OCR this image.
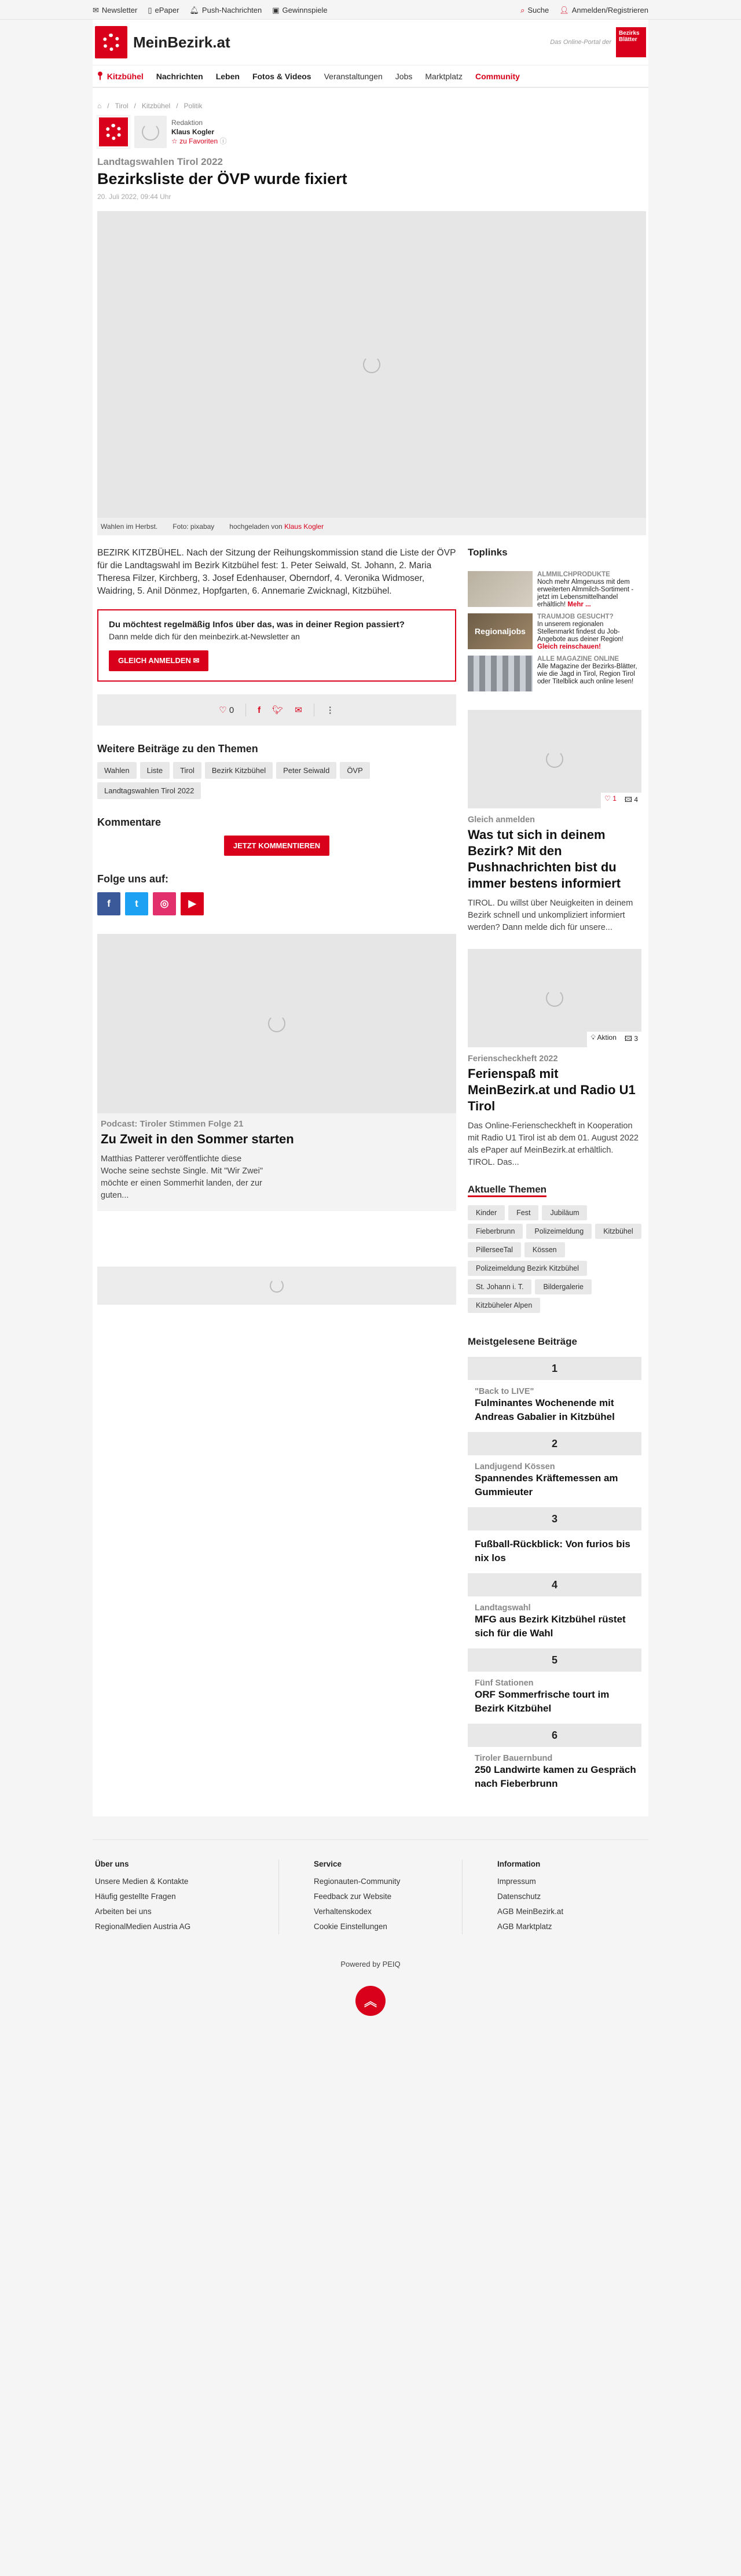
✉ Newsletter ▯ ePaper 🔔︎ Push-Nachrichten ▣ Gewinnspiele	⌕ Suche 👤︎ Anmelden/Registrieren
MeinBezirk.at	Das Online-Portal der
Bezirks Blätter
📍︎ Kitzbühel Nachrichten Leben Fotos & Videos Veranstaltungen Jobs Marktplatz Community
⌂ / Tirol / Kitzbühel / Politik
Redaktion
Klaus Kogler
☆ zu Favoriten ⓘ
Landtagswahlen Tirol 2022
Bezirksliste der ÖVP wurde fixiert
20. Juli 2022, 09:44 Uhr
Wahlen im Herbst. Foto: pixabay hochgeladen von Klaus Kogler

BEZIRK KITZBÜHEL. Nach der Sitzung der Reihungskommission stand die Liste der ÖVP für die Landtagswahl im Bezirk Kitzbühel fest: 1. Peter Seiwald, St. Johann, 2. Maria Theresa Filzer, Kirchberg, 3. Josef Edenhauser, Oberndorf, 4. Veronika Widmoser, Waidring, 5. Anil Dönmez, Hopfgarten, 6. Annemarie Zwicknagl, Kitzbühel.

Du möchtest regelmäßig Infos über das, was in deiner Region passiert?

Dann melde dich für den meinbezirk.at-Newsletter an

GLEICH ANMELDEN ✉
♡ 0	f 🐦︎ ✉	⋮
Weitere Beiträge zu den Themen
Wahlen	Liste	Tirol	Bezirk Kitzbühel	Peter Seiwald	ÖVP
Landtagswahlen Tirol 2022
Kommentare
JETZT KOMMENTIEREN
Folge uns auf:
f	t	◎	▶
Podcast: Tiroler Stimmen Folge 21
Zu Zweit in den Sommer starten
Matthias Patterer veröffentlichte diese Woche seine sechste Single. Mit "Wir Zwei" möchte er einen Sommerhit landen, der zur guten...
Toplinks
ALMMILCHPRODUKTE
Noch mehr Almgenuss mit dem erweiterten Almmilch-Sortiment - jetzt im Lebensmittelhandel erhältlich! Mehr ...
Regionaljobs
TRAUMJOB GESUCHT?
In unserem regionalen Stellenmarkt findest du Job-Angebote aus deiner Region! Gleich reinschauen!
ALLE MAGAZINE ONLINE
Alle Magazine der Bezirks-Blätter, wie die Jagd in Tirol, Region Tirol oder Titelblick auch online lesen!
♡ 1 🖾︎ 4
Gleich anmelden
Was tut sich in deinem Bezirk? Mit den Pushnachrichten bist du immer bestens informiert
TIROL. Du willst über Neuigkeiten in deinem Bezirk schnell und unkompliziert informiert werden? Dann melde dich für unsere...
💡︎ Aktion 🖾︎ 3
Ferienscheckheft 2022
Ferienspaß mit MeinBezirk.at und Radio U1 Tirol
Das Online-Ferienscheckheft in Kooperation mit Radio U1 Tirol ist ab dem 01. August 2022 als ePaper auf MeinBezirk.at erhältlich. TIROL. Das...
Aktuelle Themen
Kinder	Fest	Jubiläum
Fieberbrunn	Polizeimeldung	Kitzbühel
PillerseeTal	Kössen
Polizeimeldung Bezirk Kitzbühel
St. Johann i. T.	Bildergalerie
Kitzbüheler Alpen
Meistgelesene Beiträge
1
"Back to LIVE"
Fulminantes Wochenende mit Andreas Gabalier in Kitzbühel
2
Landjugend Kössen
Spannendes Kräftemessen am Gummieuter
3
Fußball-Rückblick: Von furios bis nix los
4
Landtagswahl
MFG aus Bezirk Kitzbühel rüstet sich für die Wahl
5
Fünf Stationen
ORF Sommerfrische tourt im Bezirk Kitzbühel
6
Tiroler Bauernbund
250 Landwirte kamen zu Gespräch nach Fieberbrunn
Über uns
Unsere Medien & Kontakte
Häufig gestellte Fragen
Arbeiten bei uns
RegionalMedien Austria AG
Service
Regionauten-Community
Feedback zur Website
Verhaltenskodex
Cookie Einstellungen
Information
Impressum
Datenschutz
AGB MeinBezirk.at
AGB Marktplatz
Powered by PEIQ
︽
